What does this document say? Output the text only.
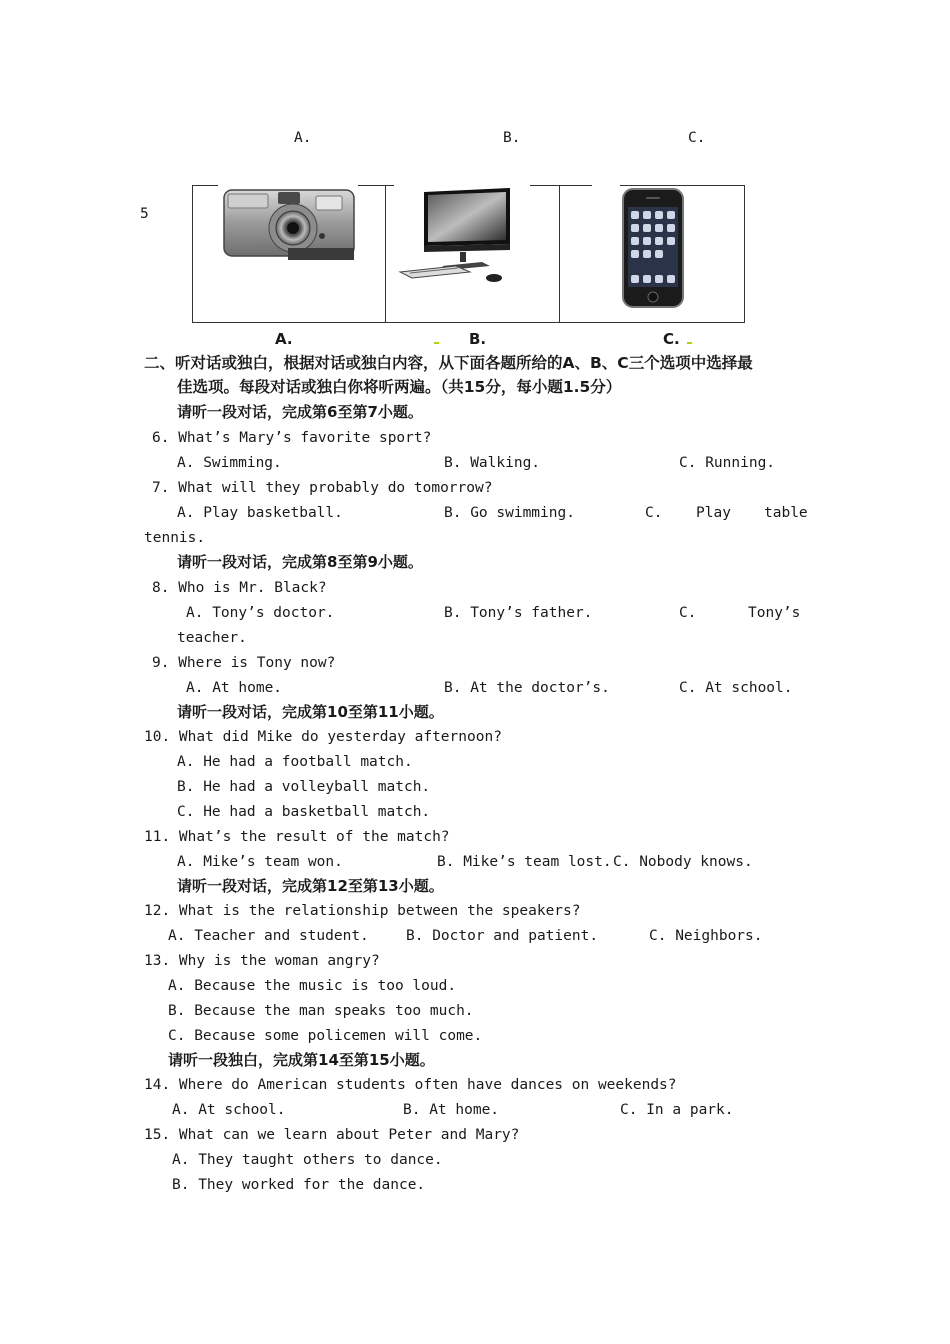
A.	B.	C.
5
A.	B.	C.
二、听对话或独白，根据对话或独白内容，从下面各题所给的A、B、C三个选项中选择最
佳选项。每段对话或独白你将听两遍。（共15分，每小题1.5分）
请听一段对话，完成第6至第7小题。
6. What’s Mary’s favorite sport?
A. Swimming.	B. Walking.	C. Running.
7. What will they probably do tomorrow?
A. Play basketball.	B. Go swimming.	C. Play table
tennis.
请听一段对话，完成第8至第9小题。
8. Who is Mr. Black?
A. Tony’s doctor.	B. Tony’s father.	C.	Tony’s
teacher.
9. Where is Tony now?
A. At home.	B. At the doctor’s.	C. At school.
请听一段对话，完成第10至第11小题。
10. What did Mike do yesterday afternoon?
A. He had a football match.
B. He had a volleyball match.
C. He had a basketball match.
11. What’s the result of the match?
A. Mike’s team won.	B. Mike’s team lost. C. Nobody knows.
请听一段对话，完成第12至第13小题。
12. What is the relationship between the speakers?
A. Teacher and student.	B. Doctor and patient.	C. Neighbors.
13. Why is the woman angry?
A. Because the music is too loud.
B. Because the man speaks too much.
C. Because some policemen will come.
请听一段独白，完成第14至第15小题。
14. Where do American students often have dances on weekends?
A. At school.	B. At home.	C. In a park.
15. What can we learn about Peter and Mary?
A. They taught others to dance.
B. They worked for the dance.
